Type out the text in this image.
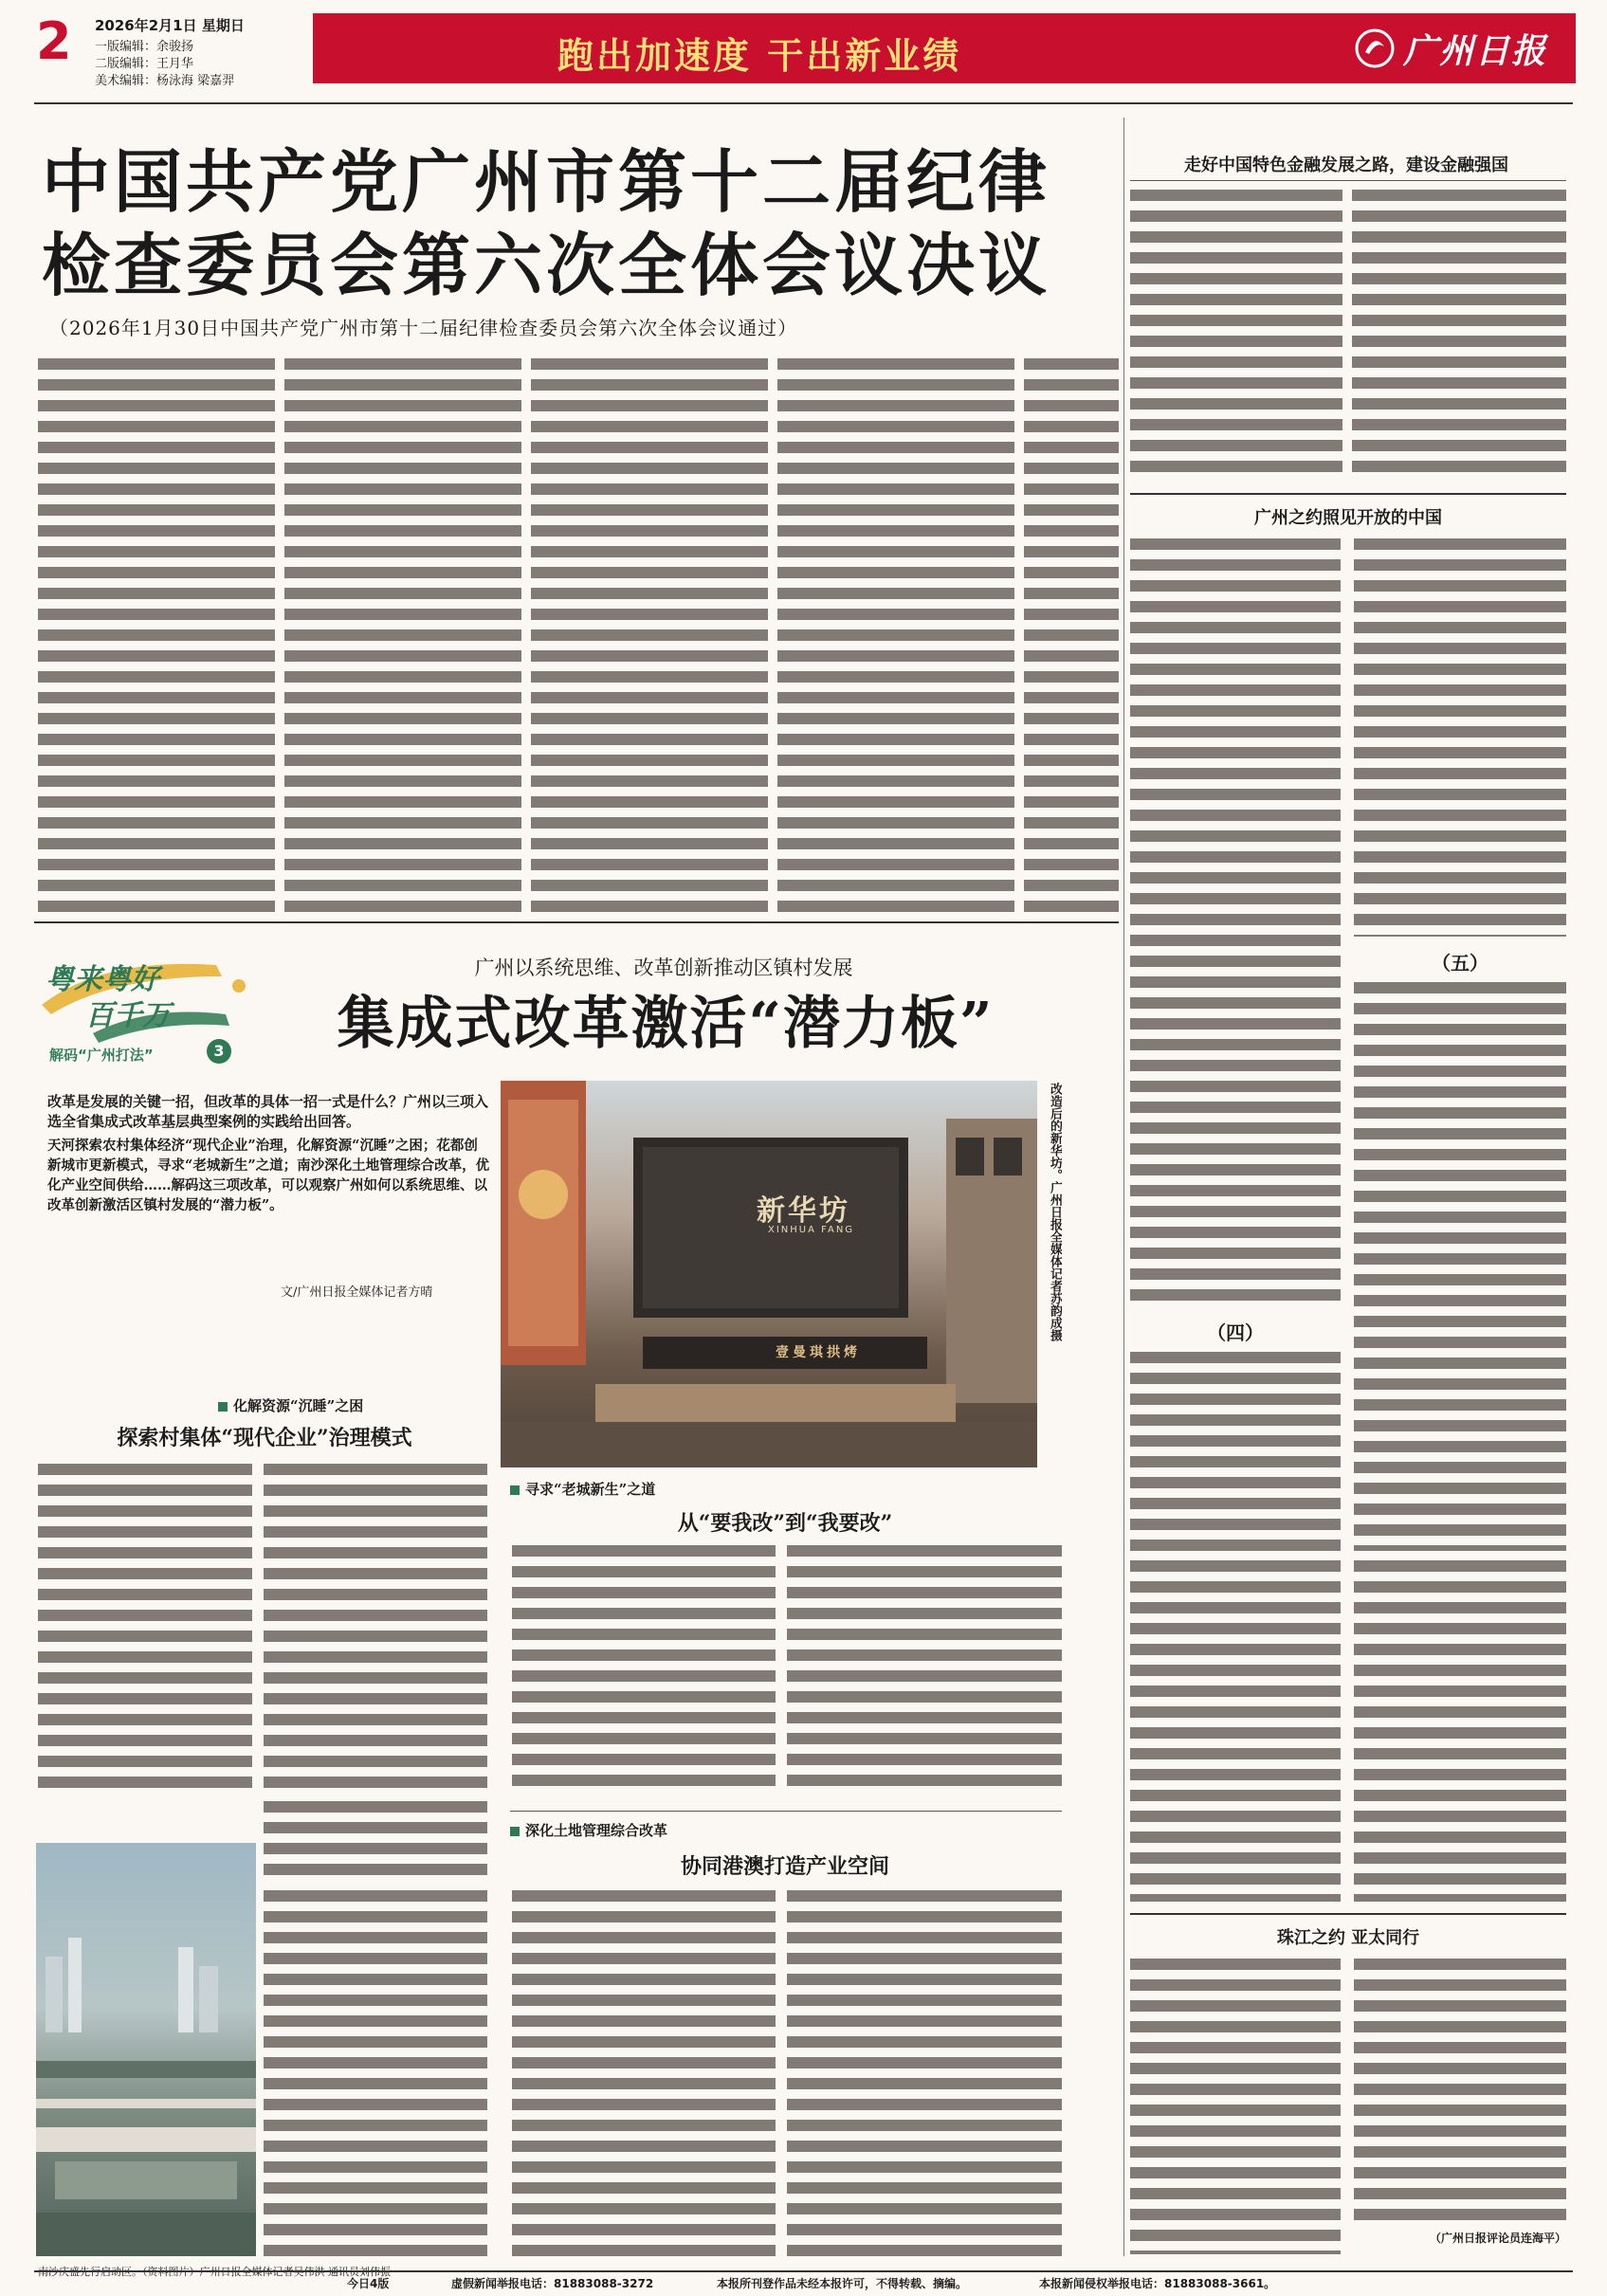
2 2026年2月1日 星期日
一版编辑：余骏扬
二版编辑：王月华
美术编辑：杨泳海 梁嘉羿
跑出加速度 干出新业绩	广州日报
中国共产党广州市第十二届纪律
检查委员会第六次全体会议决议
（2026年1月30日中国共产党广州市第十二届纪律检查委员会第六次全体会议通过）
走好中国特色金融发展之路，建设金融强国
广州之约照见开放的中国
（五）
（四）
珠江之约 亚太同行
（广州日报评论员连海平）
粤来粤好
百千万
解码“广州打法”	3
广州以系统思维、改革创新推动区镇村发展
集成式改革激活“潜力板”
改革是发展的关键一招，但改革的具体一招一式是什么？广州以三项入选全省集成式改革基层典型案例的实践给出回答。
天河探索农村集体经济“现代企业”治理，化解资源“沉睡”之困；花都创新城市更新模式，寻求“老城新生”之道；南沙深化土地管理综合改革，优化产业空间供给……解码这三项改革，可以观察广州如何以系统思维、以改革创新激活区镇村发展的“潜力板”。
文/广州日报全媒体记者方晴
新华坊
XINHUA FANG
壹曼琪拱烤
改造后的新华坊。广州日报全媒体记者苏韵成摄
化解资源“沉睡”之困
探索村集体“现代企业”治理模式
南沙庆盛先行启动区。（资料图片）广州日报全媒体记者吴伟洪 通讯员刘伟振
寻求“老城新生”之道
从“要我改”到“我要改”
深化土地管理综合改革
协同港澳打造产业空间
今日4版	虚假新闻举报电话：81883088-3272	本报所刊登作品未经本报许可，不得转载、摘编。	本报新闻侵权举报电话：81883088-3661。
